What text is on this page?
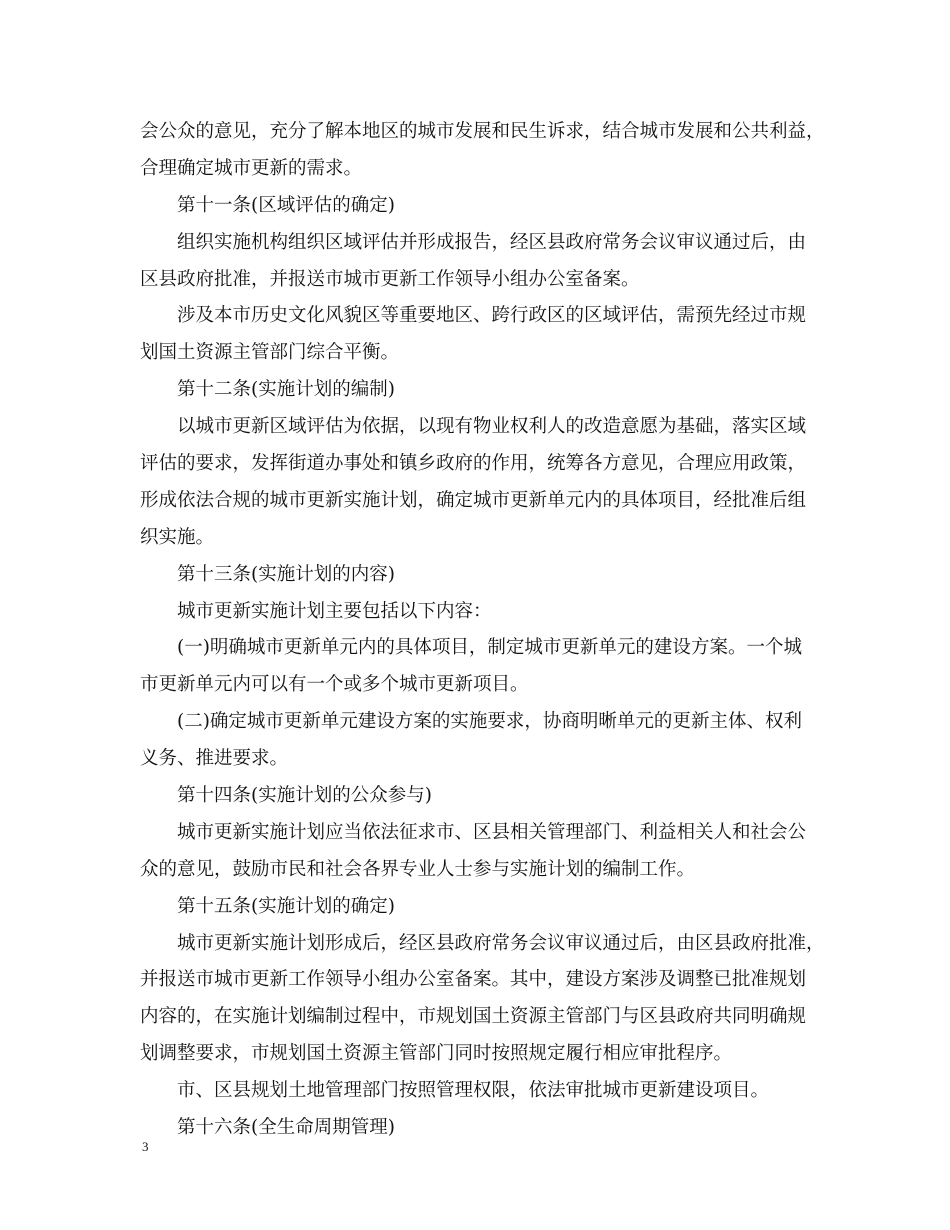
会公众的意见，充分了解本地区的城市发展和民生诉求，结合城市发展和公共利益，
合理确定城市更新的需求。
第十一条(区域评估的确定)
组织实施机构组织区域评估并形成报告，经区县政府常务会议审议通过后，由
区县政府批准，并报送市城市更新工作领导小组办公室备案。
涉及本市历史文化风貌区等重要地区、跨行政区的区域评估，需预先经过市规
划国土资源主管部门综合平衡。
第十二条(实施计划的编制)
以城市更新区域评估为依据，以现有物业权利人的改造意愿为基础，落实区域
评估的要求，发挥街道办事处和镇乡政府的作用，统筹各方意见，合理应用政策，
形成依法合规的城市更新实施计划，确定城市更新单元内的具体项目，经批准后组
织实施。
第十三条(实施计划的内容)
城市更新实施计划主要包括以下内容：
(一)明确城市更新单元内的具体项目，制定城市更新单元的建设方案。一个城
市更新单元内可以有一个或多个城市更新项目。
(二)确定城市更新单元建设方案的实施要求，协商明晰单元的更新主体、权利
义务、推进要求。
第十四条(实施计划的公众参与)
城市更新实施计划应当依法征求市、区县相关管理部门、利益相关人和社会公
众的意见，鼓励市民和社会各界专业人士参与实施计划的编制工作。
第十五条(实施计划的确定)
城市更新实施计划形成后，经区县政府常务会议审议通过后，由区县政府批准，
并报送市城市更新工作领导小组办公室备案。其中，建设方案涉及调整已批准规划
内容的，在实施计划编制过程中，市规划国土资源主管部门与区县政府共同明确规
划调整要求，市规划国土资源主管部门同时按照规定履行相应审批程序。
市、区县规划土地管理部门按照管理权限，依法审批城市更新建设项目。
第十六条(全生命周期管理)
3
